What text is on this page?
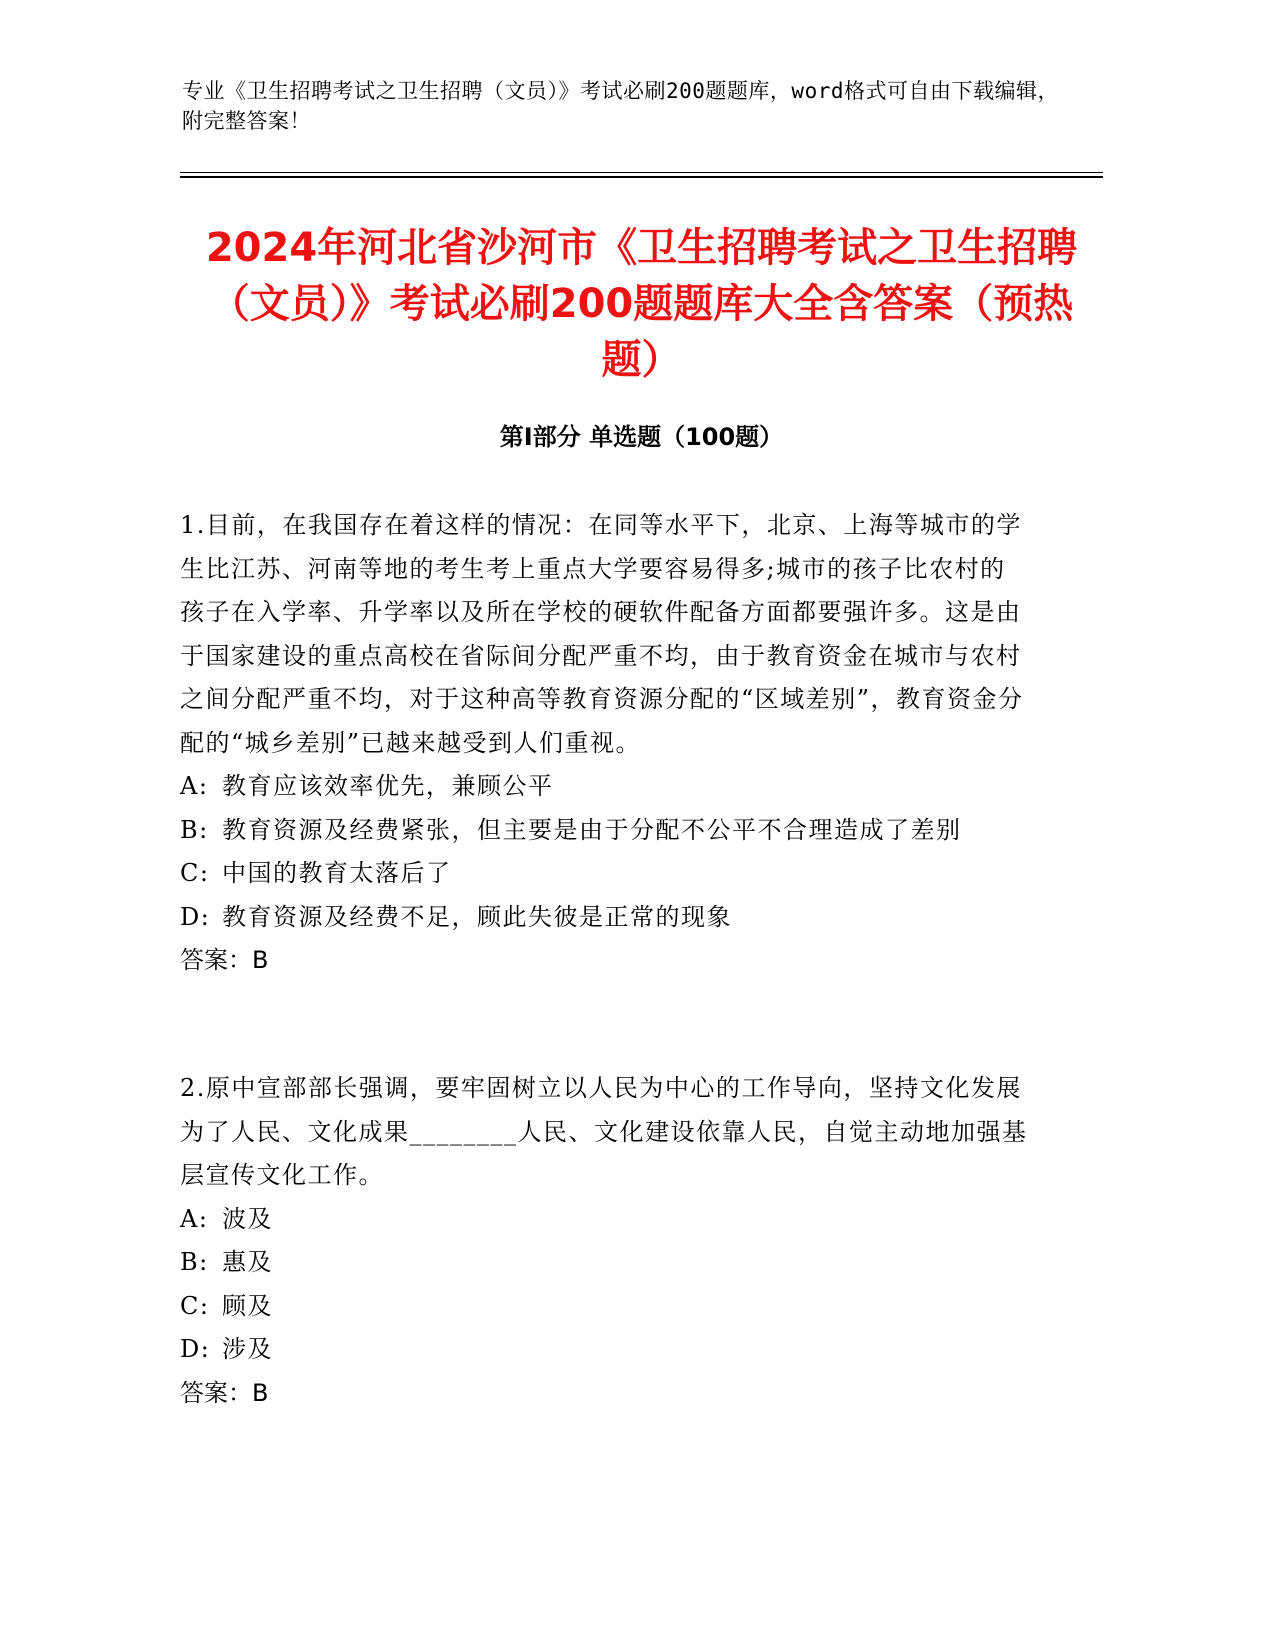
专业《卫生招聘考试之卫生招聘（文员）》考试必刷200题题库，word格式可自由下载编辑，附完整答案！
2024年河北省沙河市《卫生招聘考试之卫生招聘（文员）》考试必刷200题题库大全含答案（预热题）
第Ⅰ部分 单选题（100题）

1.目前，在我国存在着这样的情况：在同等水平下，北京、上海等城市的学生比江苏、河南等地的考生考上重点大学要容易得多;城市的孩子比农村的孩子在入学率、升学率以及所在学校的硬软件配备方面都要强许多。这是由于国家建设的重点高校在省际间分配严重不均，由于教育资金在城市与农村之间分配严重不均，对于这种高等教育资源分配的“区域差别”，教育资金分配的“城乡差别”已越来越受到人们重视。

A: 教育应该效率优先，兼顾公平

B: 教育资源及经费紧张，但主要是由于分配不公平不合理造成了差别

C: 中国的教育太落后了

D: 教育资源及经费不足，顾此失彼是正常的现象

答案：B

2.原中宣部部长强调，要牢固树立以人民为中心的工作导向，坚持文化发展为了人民、文化成果________人民、文化建设依靠人民，自觉主动地加强基层宣传文化工作。

A: 波及

B: 惠及

C: 顾及

D: 涉及

答案：B
